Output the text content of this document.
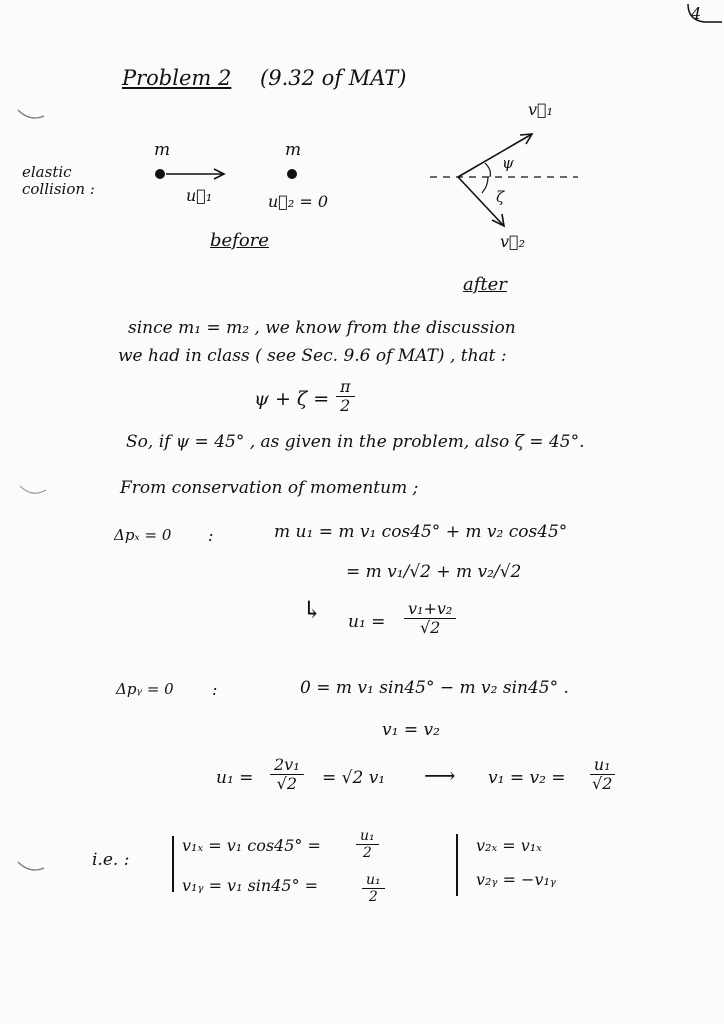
4
Problem 2 (9.32 of MAT)
elastic
collision :
m	m
u⃗₁	u⃗₂ = 0
before
v⃗₁
ψ
ζ
v⃗₂
after
since m₁ = m₂ , we know from the discussion
we had in class ( see Sec. 9.6 of MAT) , that :
$\psi + \zeta = \frac{\pi}{2}$
So, if ψ = 45° , as given in the problem, also ζ = 45°.
From conservation of momentum ;
Δpₓ = 0 :	m u₁ = m v₁ cos45° + m v₂ cos45°
= m v₁/√2 + m v₂/√2
↳ $u_1 = \frac{\text{v₁+v₂}}{√2}$
Δpᵧ = 0 :	0 = m v₁ sin45° − m v₂ sin45° .
v₁ = v₂
$u_1 = \frac{\text{2v₁}}{√2} = √2$ v₁ ⟶ $v_1 = v_2 = \frac{\text{u₁}}{√2}$
i.e. :
v₁ₓ = v₁ cos45° =	$\frac{\text{u₁}}{2}$
v₁ᵧ = v₁ sin45° =	$\frac{\text{u₁}}{2}$
v₂ₓ = v₁ₓ
v₂ᵧ = −v₁ᵧ
